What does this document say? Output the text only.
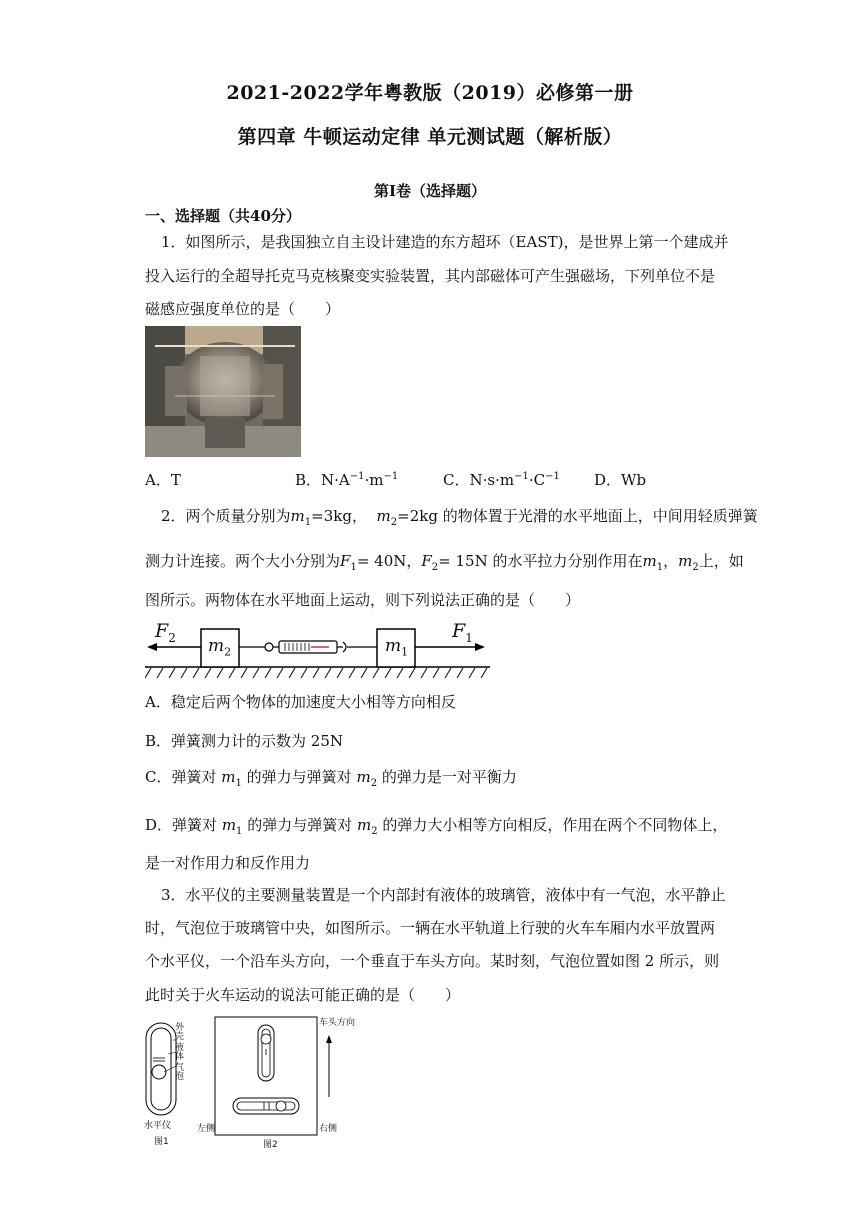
2021-2022学年粤教版（2019）必修第一册
第四章 牛顿运动定律 单元测试题（解析版）
第Ⅰ卷（选择题）
一、选择题（共40分）
1．如图所示，是我国独立自主设计建造的东方超环（EAST)，是世界上第一个建成并
投入运行的全超导托克马克核聚变实验装置，其内部磁体可产生强磁场，下列单位不是
磁感应强度单位的是（　　）
A．T	B．$N\cdot A^{-1}\cdot m^{-1}$	C．$N\cdot s\cdot m^{-1}\cdot C^{-1}$ D．Wb
2．两个质量分别为$m_1=3kg$， $m_2=2kg$ 的物体置于光滑的水平地面上，中间用轻质弹簧
测力计连接。两个大小分别为$F_1= 40N$，$F_2= 15N$ 的水平拉力分别作用在$m_1$，$m_2$上，如
图所示。两物体在水平地面上运动，则下列说法正确的是（　　）
$F_2$	$F_1$
$m_2$	$m_1$
A．稳定后两个物体的加速度大小相等方向相反
B．弹簧测力计的示数为 25N
C．弹簧对 $m_1$ 的弹力与弹簧对 $m_2$ 的弹力是一对平衡力
D．弹簧对 $m_1$ 的弹力与弹簧对 $m_2$ 的弹力大小相等方向相反，作用在两个不同物体上，
是一对作用力和反作用力
3．水平仪的主要测量装置是一个内部封有液体的玻璃管，液体中有一气泡，水平静止
时，气泡位于玻璃管中央，如图所示。一辆在水平轨道上行驶的火车车厢内水平放置两
个水平仪，一个沿车头方向，一个垂直于车头方向。某时刻，气泡位置如图 2 所示，则
此时关于火车运动的说法可能正确的是（　　）
外壳
液体
气泡
水平仪
图1
车头方向
左侧	右侧
图2
